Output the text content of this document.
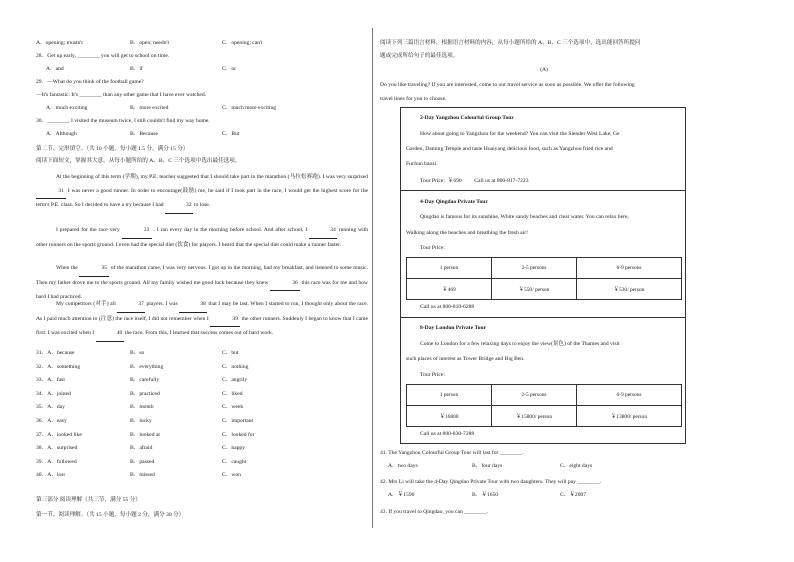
A．opening; mustn't	B．open; needn't	C．opening; can't
28．Get up early, ________ you will get to school on time.
A．and	B．if	C．or
29．—What do you think of the football game?
—It's fantastic. It's ________ than any other game that I have ever watched.
A．much exciting	B．more excited	C．much more exciting
30．________ I visited the museum twice, I still couldn't find my way home.
A．Although	B．Because	C．But
第二节、完形填空。（共 10 小题，每小题 1.5 分，满分 15 分）
阅读下面短文，掌握其大意，从每小题所给的 A、B、C 三个选项中选出最佳选项。
At the beginning of this term (学期), my P.E. teacher suggested that I should take part in the marathon (马拉松赛跑). I was very surprised 31 I was never a good runner. In order to encourage(鼓励) me, he said if I took part in the race, I would get the highest score for the term's P.E. class. So I decided to have a try because I had	32 to lose.
I prepared for the race very	33 . I ran every day in the morning before school. And after school, I	34 running with other runners on the sports ground. I even had the special diet (饮食) for players. I heard that the special diet could make a runner faster.
When the	35 of the marathon came, I was very nervous. I got up in the morning, had my breakfast, and listened to some music. Then my father drove me to the sports ground. All my family wished me good luck because they knew	36 this race was for me and how hard I had practiced.
My competitors (对手) all	37 players. I was	38 that I may be last. When I started to run, I thought only about the race. As I paid much attention to (注意) the race itself, I did not remember when I	39 the other runners. Suddenly I began to know that I came first. I was excited when I	40 the race. From this, I learned that success comes out of hard work.
31．A．because	B．so	C．but
32．A．something	B．everything	C．nothing
33．A．fast	B．carefully	C．angrily
34．A．joined	B．practiced	C．liked
35．A．day	B．month	C．week
36．A．easy	B．lucky	C．important
37．A．looked like	B．looked at	C．looked for
38．A．surprised	B．afraid	C．happy
39．A．followed	B．passed	C．caught
40．A．lost	B．missed	C．won
第三部分 阅读理解（共三节，满分 55 分）
第一节、阅读理解。（共 15 小题，每小题 2 分，满分 30 分）
阅读下列三篇语言材料，根据语言材料的内容，从每小题所给的 A、B、C 三个选项中，选出能回答所提问
题或完成所给句子的最佳选项。
(A)
Do you like traveling? If you are interested, come to our travel service as soon as possible. We offer the following
travel lines for you to choose.
2-Day Yangzhou Colourful Group Tour
How about going to Yangzhou for the weekend? You can visit the Slender West Lake, Ge
Garden, Daming Temple and taste Huaiyang delicious food, such as Yangzhou fried rice and
Fuchun baozi.
Tour Price:  ￥690         Call us at 800-817-7223
4-Day Qingdao Private Tour
Qingdao is famous for its sunshine, White sandy beaches and clear water. You can relax here,
Walking along the beaches and breathing the fresh air!
Tour Price:
1 person	2-5 persons	6-9 persons
￥469	￥550/ person	￥530/ person
Call us at 800-810-6288
8-Day London Private Tour
Come to London for a few relaxing days to enjoy the view(景色) of the Thames and visit
such places of interest as Tower Bridge and Big Ben.
Tour Price:
1 person	2-5 persons	6-9 persons
￥16800	￥15800/ person	￥13800/ person
Call us at 800-830-7288
41. The Yangzhou Colourful Group Tour will last for ________.
A．two days	B．four days	C．eight days
42. Mrs Li will take the 4-Day Qingdao Private Tour with two daughters. They will pay ________.
A．￥1590	B．￥1650	C．￥2007
43. If you travel to Qingdao, you can ________.
